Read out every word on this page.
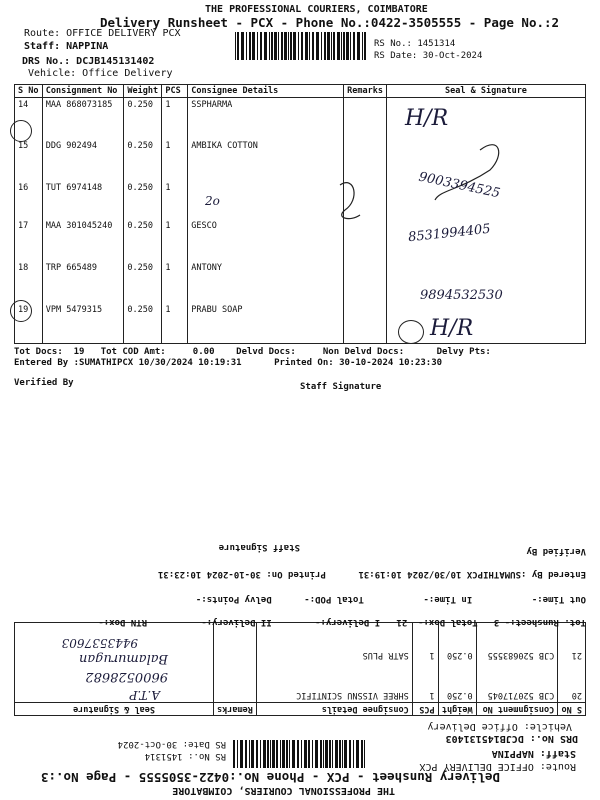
THE PROFESSIONAL COURIERS, COIMBATORE
Delivery Runsheet - PCX - Phone No.:0422-3505555 - Page No.:2
Route: OFFICE DELIVERY PCX
Staff: NAPPINA
DRS No.: DCJB145131402
Vehicle: Office Delivery
RS No.: 1451314
RS Date: 30-Oct-2024
S No	Consignment No	Weight	PCS	Consignee Details	Remarks	Seal & Signature
14	MAA 868073185	0.250	1	SSPHARMA		
15	DDG 902494	0.250	1	AMBIKA COTTON		
16	TUT 6974148	0.250	1			
17	MAA 301045240	0.250	1	GESCO		
18	TRP 665489	0.250	1	ANTONY		
19	VPM 5479315	0.250	1	PRABU SOAP		
H/R
9003394525
2o
8531994405
9894532530
H/R
Tot Docs:  19   Tot COD Amt:     0.00    Delvd Docs:     Non Delvd Docs:      Delvy Pts:
Entered By :SUMATHIPCX 10/30/2024 10:19:31      Printed On: 30-10-2024 10:23:30
Verified By	Staff Signature
THE PROFESSIONAL COURIERS, COIMBATORE
Delivery Runsheet - PCX - Phone No.:0422-3505555 - Page No.:3
Route: OFFICE DELIVERY PCX
Staff: NAPPINA
DRS No.: DCJB145131403
Vehicle: Office Delivery
RS No.: 1451314
RS Date: 30-Oct-2024
S No	Consignment No	Weight	PCS	Consignee Details	Remarks	Seal & Signature
20	CJB 520717045	0.250	1	SHREE VISSNU SCINTIFIC		
21	CJB 520683555	0.250	1	SATR PLUS		
A.T.P
9600528682
Balamurugan
9443537603
Tot. Runsheet:- 3   Total Dox:-  21   I Delivery:-        II Delivery:-          RTN Dox:-
Out Time:-           In Time:-           Total POD:-      Delvy Points:-
Entered By :SUMATHIPCX 10/30/2024 10:19:31      Printed On: 30-10-2024 10:23:31
Verified By
Staff Signature
